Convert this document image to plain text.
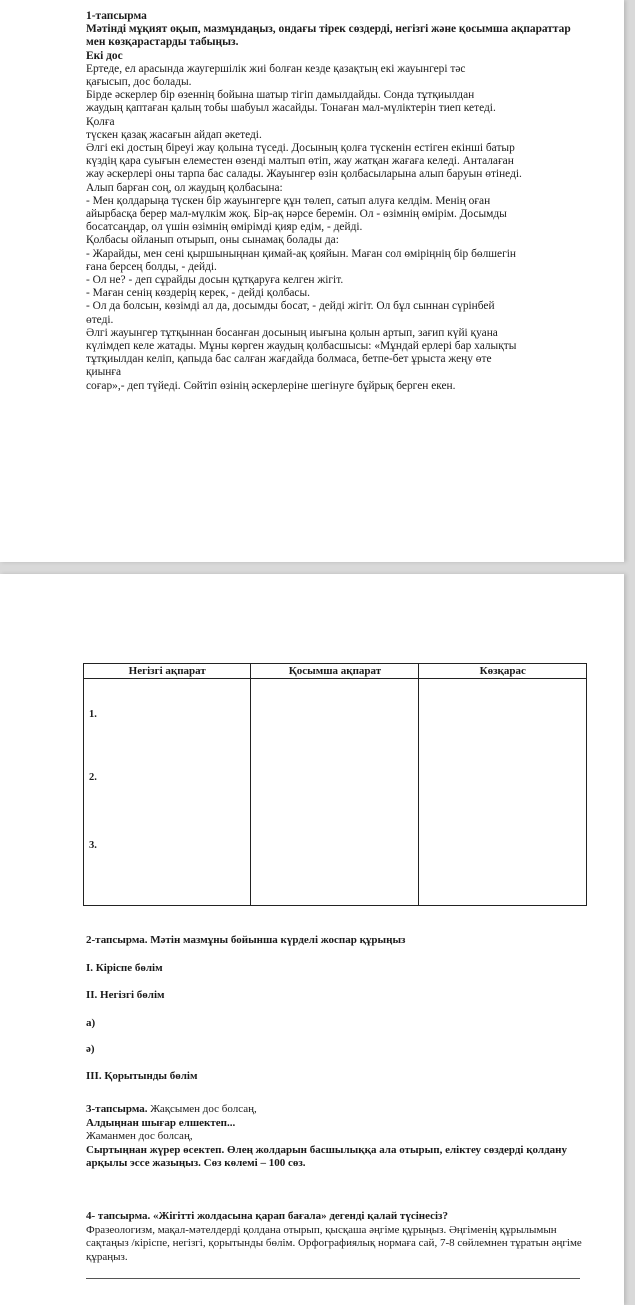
1-тапсырма

Мәтінді мұқият оқып, мазмұндаңыз, ондағы тірек сөздерді, негізгі және қосымша ақпараттар мен көзқарастарды табыңыз.

Екі дос

Ертеде, ел арасында жаугершілік жиі болған кезде қазақтың екі жауынгері тәс

қағысып, дос болады.

Бірде әскерлер бір өзеннің бойына шатыр тігіп дамылдайды. Сонда тұтқиылдан

жаудың қаптаған қалың тобы шабуыл жасайды. Тонаған мал-мүліктерін тиеп кетеді.

Қолға

түскен қазақ жасағын айдап әкетеді.

Әлгі екі достың біреуі жау қолына түседі. Досының қолға түскенін естіген екінші батыр

күздің қара суығын елеместен өзенді малтып өтіп, жау жатқан жағаға келеді. Анталаған

жау әскерлері оны тарпа бас салады. Жауынгер өзін қолбасыларына алып баруын өтінеді.

Алып барған соң, ол жаудың қолбасына:

- Мен қолдарыңа түскен бір жауынгерге құн төлеп, сатып алуға келдім. Менің оған

айырбасқа берер мал-мүлкім жоқ. Бір-ақ нәрсе беремін. Ол - өзімнің өмірім. Досымды

босатсаңдар, ол үшін өзімнің өмірімді қияр едім, - дейді.

Қолбасы ойланып отырып, оны сынамақ болады да:

- Жарайды, мен сені қыршыныңнан қимай-ақ қояйын. Маған сол өміріңнің бір бөлшегін

ғана берсең болды, - дейді.

- Ол не? - деп сұрайды досын құтқаруға келген жігіт.

- Маған сенің көздерің керек, - дейді қолбасы.

- Ол да болсын, көзімді ал да, досымды босат, - дейді жігіт. Ол бұл сыннан сүрінбей

өтеді.

Әлгі жауынгер тұтқыннан босанған досының иығына қолын артып, зағип күйі қуана

күлімдеп келе жатады. Мұны көрген жаудың қолбасшысы: «Мұндай ерлері бар халықты

тұтқиылдан келіп, қапыда бас салған жағдайда болмаса, бетпе-бет ұрыста жеңу өте

қиынға

соғар»,- деп түйеді. Сөйтіп өзінің әскерлеріне шегінуге бұйрық берген екен.

Негізгі ақпарат	Қосымша ақпарат	Көзқарас

1.
2.
3.		

2-тапсырма. Мәтін мазмұны бойынша күрделі жоспар құрыңыз
I. Кіріспе бөлім
II. Негізгі бөлім
а)
ә)
III. Қорытынды бөлім
3-тапсырма. Жақсымен дос болсаң,
Алдыңнан шығар елшектеп...
Жаманмен дос болсаң,
Сыртыңнан жүрер өсектеп. Өлең жолдарын басшылыққа ала отырып, еліктеу сөздерді қолдану арқылы эссе жазыңыз. Сөз көлемі – 100 сөз.
4- тапсырма. «Жігітті жолдасына қарап бағала» дегенді қалай түсінесіз?
Фразеологизм, мақал-мәтелдерді қолдана отырып, қысқаша әңгіме құрыңыз. Әңгіменің құрылымын сақтаңыз /кіріспе, негізгі, қорытынды бөлім. Орфографиялық нормаға сай, 7-8 сөйлемнен тұратын әңгіме құраңыз.
